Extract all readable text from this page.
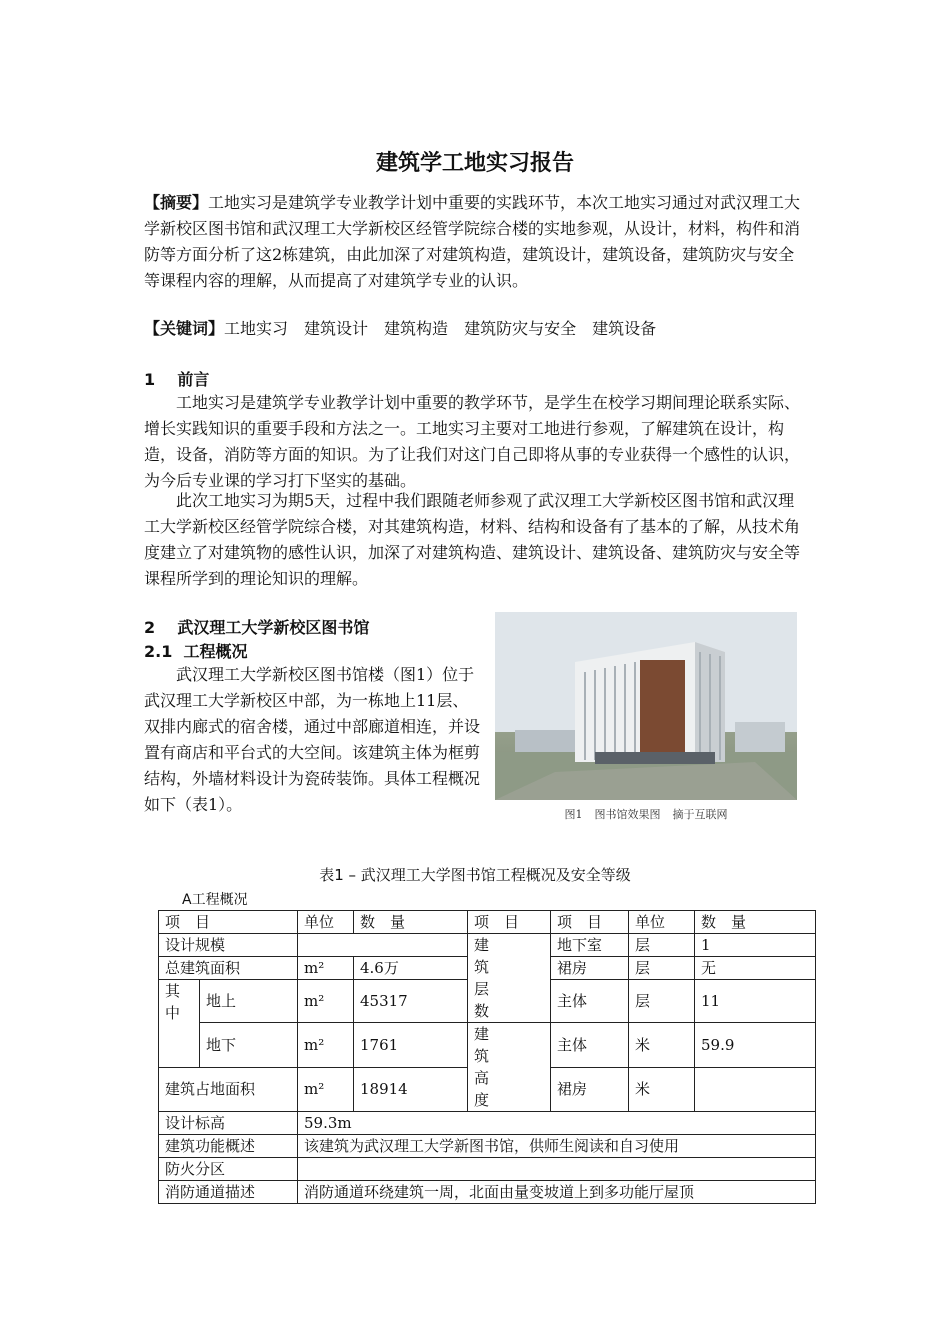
建筑学工地实习报告

【摘要】工地实习是建筑学专业教学计划中重要的实践环节，本次工地实习通过对武汉理工大学新校区图书馆和武汉理工大学新校区经管学院综合楼的实地参观，从设计，材料，构件和消防等方面分析了这2栋建筑，由此加深了对建筑构造，建筑设计，建筑设备，建筑防灾与安全等课程内容的理解，从而提高了对建筑学专业的认识。

【关键词】工地实习 建筑设计 建筑构造 建筑防灾与安全 建筑设备

1    前言

工地实习是建筑学专业教学计划中重要的教学环节，是学生在校学习期间理论联系实际、增长实践知识的重要手段和方法之一。工地实习主要对工地进行参观，了解建筑在设计，构造，设备，消防等方面的知识。为了让我们对这门自己即将从事的专业获得一个感性的认识，为今后专业课的学习打下坚实的基础。

此次工地实习为期5天，过程中我们跟随老师参观了武汉理工大学新校区图书馆和武汉理工大学新校区经管学院综合楼，对其建筑构造，材料、结构和设备有了基本的了解，从技术角度建立了对建筑物的感性认识，加深了对建筑构造、建筑设计、建筑设备、建筑防灾与安全等课程所学到的理论知识的理解。

2    武汉理工大学新校区图书馆
2.1  工程概况

武汉理工大学新校区图书馆楼（图1）位于武汉理工大学新校区中部，为一栋地上11层、双排内廊式的宿舍楼，通过中部廊道相连，并设置有商店和平台式的大空间。该建筑主体为框剪结构，外墙材料设计为瓷砖装饰。具体工程概况如下（表1）。

图1 图书馆效果图 摘于互联网
表1 – 武汉理工大学图书馆工程概况及安全等级
A工程概况
项　目		单位	数　量	项　目	项　目	单位	数　量
设计规模				建筑层数	地下室	层	1
总建筑面积		m²	4.6万		裙房	层	无
其中	地上	m²	45317		主体	层	11
	地下	m²	1761	建筑高度	主体	米	59.9
建筑占地面积		m²	18914		裙房	米	
设计标高		59.3m					
建筑功能概述		该建筑为武汉理工大学新图书馆，供师生阅读和自习使用					
防火分区							
消防通道描述		消防通道环绕建筑一周，北面由量变坡道上到多功能厅屋顶					
